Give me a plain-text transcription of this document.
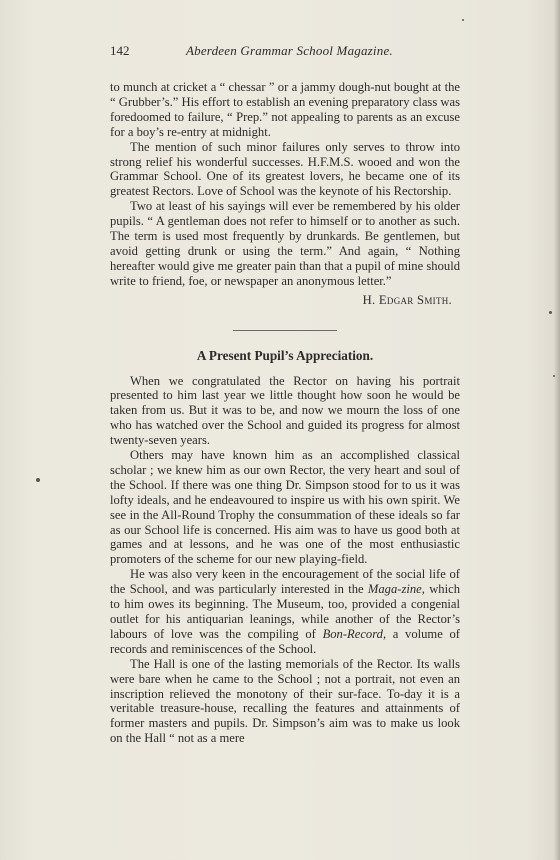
142	Aberdeen Grammar School Magazine.

to munch at cricket a “ chessar ” or a jammy dough-nut bought at the “ Grubber’s.” His effort to establish an evening preparatory class was foredoomed to failure, “ Prep.” not appealing to parents as an excuse for a boy’s re-entry at midnight.

The mention of such minor failures only serves to throw into strong relief his wonderful successes. H.F.M.S. wooed and won the Grammar School. One of its greatest lovers, he became one of its greatest Rectors. Love of School was the keynote of his Rectorship.

Two at least of his sayings will ever be remembered by his older pupils. “ A gentleman does not refer to himself or to another as such. The term is used most frequently by drunkards. Be gentlemen, but avoid getting drunk or using the term.” And again, “ Nothing hereafter would give me greater pain than that a pupil of mine should write to friend, foe, or newspaper an anonymous letter.”

H. Edgar Smith.

A Present Pupil’s Appreciation.

When we congratulated the Rector on having his portrait presented to him last year we little thought how soon he would be taken from us. But it was to be, and now we mourn the loss of one who has watched over the School and guided its progress for almost twenty-seven years.

Others may have known him as an accomplished classical scholar ; we knew him as our own Rector, the very heart and soul of the School. If there was one thing Dr. Simpson stood for to us it was lofty ideals, and he endeavoured to inspire us with his own spirit. We see in the All-Round Trophy the consummation of these ideals so far as our School life is concerned. His aim was to have us good both at games and at lessons, and he was one of the most enthusiastic promoters of the scheme for our new playing-field.

He was also very keen in the encouragement of the social life of the School, and was particularly interested in the Maga-zine, which to him owes its beginning. The Museum, too, provided a congenial outlet for his antiquarian leanings, while another of the Rector’s labours of love was the compiling of Bon-Record, a volume of records and reminiscences of the School.

The Hall is one of the lasting memorials of the Rector. Its walls were bare when he came to the School ; not a portrait, not even an inscription relieved the monotony of their sur-face. To-day it is a veritable treasure-house, recalling the features and attainments of former masters and pupils. Dr. Simpson’s aim was to make us look on the Hall “ not as a mere
